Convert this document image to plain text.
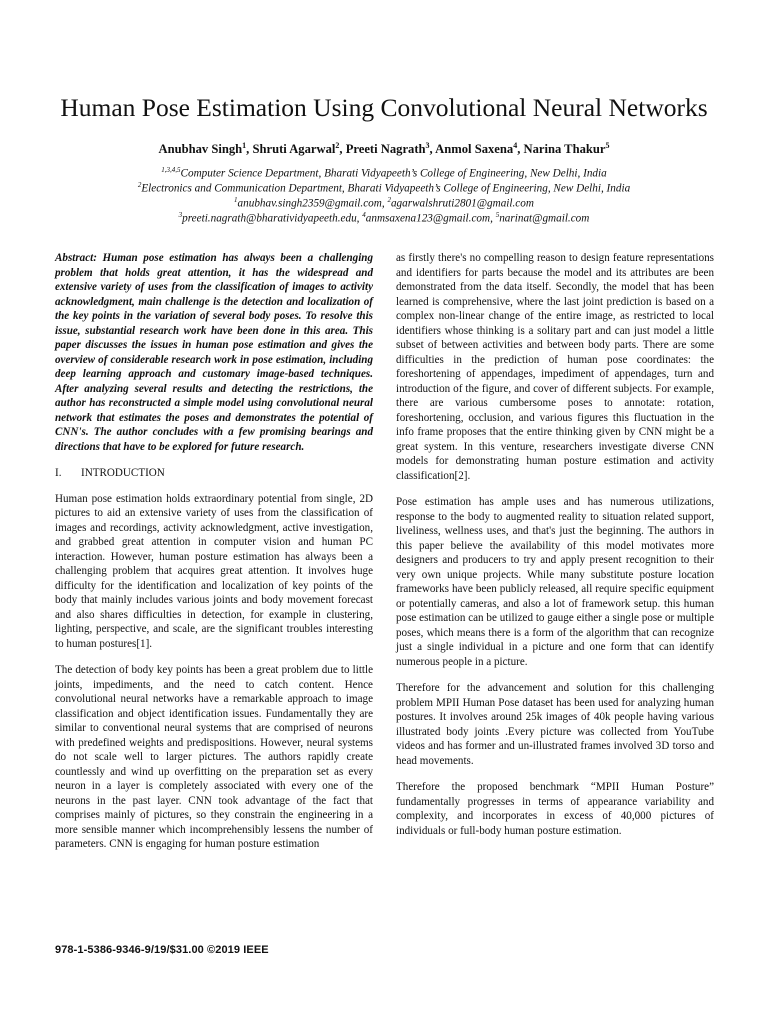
Human Pose Estimation Using Convolutional Neural Networks
Anubhav Singh$^1$, Shruti Agarwal$^2$, Preeti Nagrath$^3$, Anmol Saxena$^4$, Narina Thakur$^5$
$^{1,3,4,5}$Computer Science Department, Bharati Vidyapeeth’s College of Engineering, New Delhi, India
$^2$Electronics and Communication Department, Bharati Vidyapeeth’s College of Engineering, New Delhi, India
$^1$anubhav.singh2359@gmail.com, $^2$agarwalshruti2801@gmail.com
$^3$preeti.nagrath@bharatividyapeeth.edu, $^4$anmsaxena123@gmail.com, $^5$narinat@gmail.com

Abstract: Human pose estimation has always been a challenging problem that holds great attention, it has the widespread and extensive variety of uses from the classification of images to activity acknowledgment, main challenge is the detection and localization of the key points in the variation of several body poses. To resolve this issue, substantial research work have been done in this area. This paper discusses the issues in human pose estimation and gives the overview of considerable research work in pose estimation, including deep learning approach and customary image-based techniques. After analyzing several results and detecting the restrictions, the author has reconstructed a simple model using convolutional neural network that estimates the poses and demonstrates the potential of CNN's. The author concludes with a few promising bearings and directions that have to be explored for future research.

I. INTRODUCTION

Human pose estimation holds extraordinary potential from single, 2D pictures to aid an extensive variety of uses from the classification of images and recordings, activity acknowledgment, active investigation, and grabbed great attention in computer vision and human PC interaction. However, human posture estimation has always been a challenging problem that acquires great attention. It involves huge difficulty for the identification and localization of key points of the body that mainly includes various joints and body movement forecast and also shares difficulties in detection, for example in clustering, lighting, perspective, and scale, are the significant troubles interesting to human postures[1].

The detection of body key points has been a great problem due to little joints, impediments, and the need to catch content. Hence convolutional neural networks have a remarkable approach to image classification and object identification issues. Fundamentally they are similar to conventional neural systems that are comprised of neurons with predefined weights and predispositions. However, neural systems do not scale well to larger pictures. The authors rapidly create countlessly and wind up overfitting on the preparation set as every neuron in a layer is completely associated with every one of the neurons in the past layer. CNN took advantage of the fact that comprises mainly of pictures, so they constrain the engineering in a more sensible manner which incomprehensibly lessens the number of parameters. CNN is engaging for human posture estimation

as firstly there's no compelling reason to design feature representations and identifiers for parts because the model and its attributes are been demonstrated from the data itself. Secondly, the model that has been learned is comprehensive, where the last joint prediction is based on a complex non-linear change of the entire image, as restricted to local identifiers whose thinking is a solitary part and can just model a little subset of between activities and between body parts. There are some difficulties in the prediction of human pose coordinates: the foreshortening of appendages, impediment of appendages, turn and introduction of the figure, and cover of different subjects. For example, there are various cumbersome poses to annotate: rotation, foreshortening, occlusion, and various figures this fluctuation in the info frame proposes that the entire thinking given by CNN might be a great system. In this venture, researchers investigate diverse CNN models for demonstrating human posture estimation and activity classification[2].

Pose estimation has ample uses and has numerous utilizations, response to the body to augmented reality to situation related support, liveliness, wellness uses, and that's just the beginning. The authors in this paper believe the availability of this model motivates more designers and producers to try and apply present recognition to their very own unique projects. While many substitute posture location frameworks have been publicly released, all require specific equipment or potentially cameras, and also a lot of framework setup. this human pose estimation can be utilized to gauge either a single pose or multiple poses, which means there is a form of the algorithm that can recognize just a single individual in a picture and one form that can identify numerous people in a picture.

Therefore for the advancement and solution for this challenging problem MPII Human Pose dataset has been used for analyzing human postures. It involves around 25k images of 40k people having various illustrated body joints .Every picture was collected from YouTube videos and has former and un-illustrated frames involved 3D torso and head movements.

Therefore the proposed benchmark “MPII Human Posture” fundamentally progresses in terms of appearance variability and complexity, and incorporates in excess of 40,000 pictures of individuals or full-body human posture estimation.

978-1-5386-9346-9/19/$31.00 ©2019 IEEE
